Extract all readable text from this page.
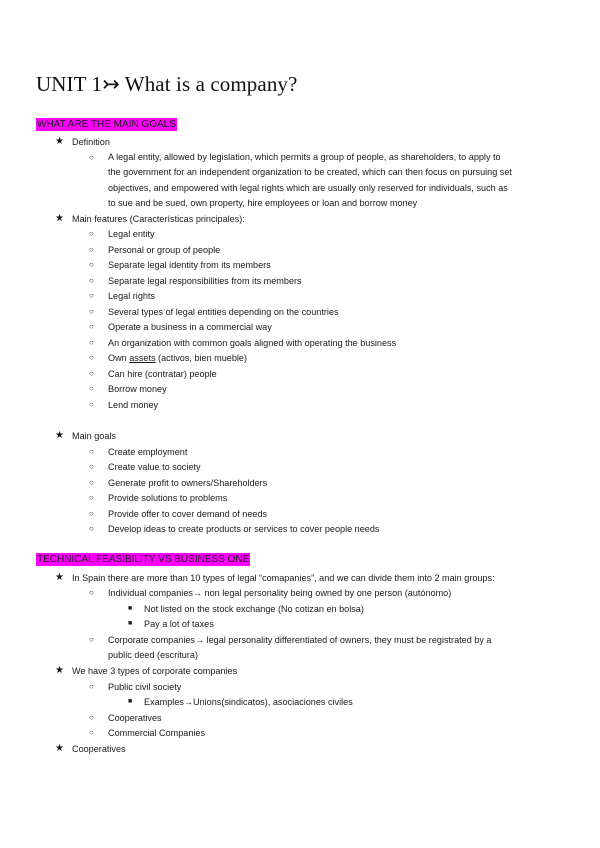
UNIT 1↣ What is a company?
WHAT ARE THE MAIN GOALS
★ Definition
○ A legal entity, allowed by legislation, which permits a group of people, as shareholders, to apply to
the government for an independent organization to be created, which can then focus on pursuing set
objectives, and empowered with legal rights which are usually only reserved for individuals, such as
to sue and be sued, own property, hire employees or loan and borrow money
★ Main features (Características principales):
○ Legal entity
○ Personal or group of people
○ Separate legal identity from its members
○ Separate legal responsibilities from its members
○ Legal rights
○ Several types of legal entities depending on the countries
○ Operate a business in a commercial way
○ An organization with common goals aligned with operating the business
○ Own assets (activos, bien mueble)
○ Can hire (contratar) people
○ Borrow money
○ Lend money
★ Main goals
○ Create employment
○ Create value to society
○ Generate profit to owners/Shareholders
○ Provide solutions to problems
○ Provide offer to cover demand of needs
○ Develop ideas to create products or services to cover people needs
TECHNICAL FEASIBILITY VS BUSINESS ONE
★ In Spain there are more than 10 types of legal “comapanies”, and we can divide them into 2 main groups:
○ Individual companies→ non legal personality being owned by one person (autónomo)
■ Not listed on the stock exchange (No cotizan en bolsa)
■ Pay a lot of taxes
○ Corporate companies→ legal personality differentiated of owners, they must be registrated by a
public deed (escritura)
★ We have 3 types of corporate companies
○ Public civil society
■ Examples→Unions(sindicatos), asociaciones civiles
○ Cooperatives
○ Commercial Companies
★ Cooperatives
